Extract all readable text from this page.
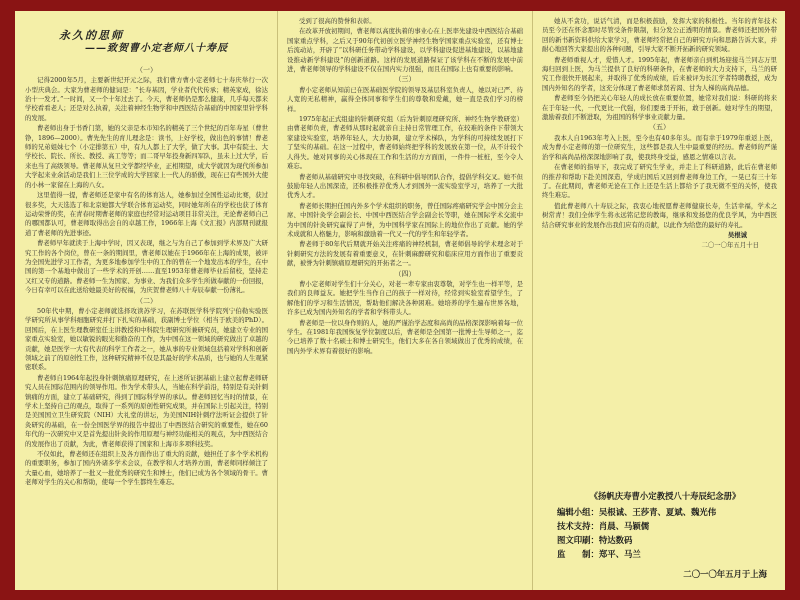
永久的思师
——致贺曹小定老师八十寿辰

（一）

记得2000年5月，主要新世纪开元之际，我们曹方曹小定老师七十寿庆举行一次小型庆典会。大家为曹老师的健词是：“长寿基因，学业者代代传承；精英家成，徐达治十一发才。”一时间，又一个十年过去了。今天，曹老师仍是那么健康，几乎每天都来学校看看老人；还是对么执着，关注着神经生物学和中西医结合基础的中国家里针学科的发展。

曹老师出身于书香门第，她的父亲是本市知名的精英了三个世纪的百年寿星（曹世铮，1896—2000）。曹先先生的育儿理念是：读书，上好学校，做出色的事情！曹老师的兄弟姐妹七个（小定排第五）中，有九人都上了大学，做了大事。其中有院士、大学校长、院长、所长、教授、高工等等；而二哥早年投身新四军队，虽未上过大学，后来也当了高级领导。曹老师从复旦文学都经毕业，正相期望，成大学就因为现代所参加大学起来业余活动是我们上三位学成的大学回家上一代人的骄傲，现在已有些国外大使的小林一家留在上海的八女。

这里值得一提，曹老师还是家中有名的体育达人，她参加过全国性运动比赛，获过很多奖，大天选选了和北京她都大学联合体育运动奖，同时她年所在的学校也获了体育运动荣誉的奖，在青春时期曹老师的家庭也经常对运动项目非常关注，无论曹老师自己的哪国都认可，曹老师取得出会自的卓越工作，1966年上海《文汇报》内部期刊就报道了曹老师的先进事迹。

曹老师早年就读于上海中学时，因又表现，继之与为自己了参加到学术界及广大研究工作的各个岗位，曾在一条的期间里，曹老师以她在于1966年在上海的成果，被评为全国先进学习工作者，为更多地参加学生中的工作的曾在一个地发出本的学生，在中国的第一个基地中做出了一些学术的开创……直至1953年曹老师毕业后留校，坚持走又红又专的道路。曹老师一生为国家、为事业、为我们众多学生所做奉献的一份回报，今日有幸可以在此送给她最美好的祝福，为庆贺曹老师八十寿辰奉献一份薄礼。

（二）

50年代中期，曹小定老师就选择攻读苏学习，在苏联医学科学院列宁伯勒实验医学研究所从事学科细胞研究并打下扎实的基础，获副博士学位（相当于欧美的PhD）。回国后，在上医生理教研室任主讲教授和中科院生理研究所兼研究员，她建立专业的国家重点实验室，她以敏锐的眼光和勤奋的工作，为中国在这一领域的研究做出了卓越的贡献，她是医学一大有代表的科学工作者之一，她从事的专业领域包括着对学科和创新领域之前了的原创性工作，这种研究精神不仅是其最好的学术品质，也与她的人生观紧密联系。

曹老师自1964年起投身针刺镇痛原理研究，在上述所证据基础上建立起曹老师研究人员在国际范围内的领导作用。作为学术带头人，当她在科学前沿，特别是有关针刺镇痛的方面，建立了基础研究，得到了国际科学界的承认。曹老师回忆当时的情景，在学术上坚持自己的观点，取得了一系列的原创性研究成果，并在国际上引起关注，特别是美国国立卫生研究院（NIH）大礼堂的讲坛，为美国NIH针刺疗法听证会提供了针灸研究的基础，在一份全国医学界的报告中提出了中西医结合研究的重要性，她在60年代的一次研究中又是首先提出针灸的作用原理与神经功能相关的观点，为中西医结合的发展作出了贡献，为此，曹老师获得了国家和上海市多项科技奖。

不仅如此，曹老师还在组织上及各方面作出了重大的贡献，她担任了多个学术机构的重要职务，参加了国内外诸多学术会议，在教学和人才培养方面，曹老师同样倾注了大量心血，她培养了一批又一批优秀的研究生和博士，他们已成为各个领域的骨干。曹老师对学生的关心和帮助，使每一个学生都终生难忘。

受到了很高的赞誉和表彰。

在改革开放初期间，曹老师以高度执着的事业心在上医率先建设中西医结合基础国家重点学科，之后又于90年代初创立医学神经生物学国家重点实验室，还有博士后流动站，开辟了“以科研任务带动学科建设，以学科建设促进基地建设，以基地建设推动新学科建设”的创新道路。这样的发展道路保证了该学科在不断的发展中前进，曹老师领导的学科建设不仅在国内实力很强，而且在国际上也有重要的影响。

（三）

曹小定老师从知前已在医基础医学院的领导及基层科室负责人，她以对已严、待人宽的无私精神，赢得全体同事和学生们的尊敬和爱戴，她一直是我们学习的榜样。

1975年起正式组建的针刺研究组（后为针刺原理研究所、神经生物学教研室）由曹老师负责，曹老师从那时起就亲自主持日常管理工作，在较难的条件下带领大家建设实验室，培养年轻人，大力协调，建立学术梯队，为学科的可持续发展打下了坚实的基础。在这一过程中，曹老师始终把学科的发展放在第一位，从不计较个人得失。她对同事的关心体现在工作和生活的方方面面，一件件一桩桩，至今令人难忘。

曹老师从基础研究中寻找突破，在科研中倡导团队合作，提倡学科交叉。她不但鼓励年轻人出国深造，还积极推荐优秀人才到国外一流实验室学习，培养了一大批优秀人才。

曹老师长期担任国内外多个学术组织的职务，曾任国际疼痛研究学会中国分会主席、中国针灸学会副会长、中国中西医结合学会副会长等职，她在国际学术交流中为中国的针灸研究赢得了声誉，为中国科学家在国际上的地位作出了贡献。她的学术成就和人格魅力，影响和激励着一代又一代的学生和年轻学者。

曹老师于80年代后期就开始关注疼痛的神经机制，曹老师倡导的学术理念对于针刺研究方法的发展有着重要意义，在针刺麻醉研究和临床应用方面作出了重要贡献，被誉为针刺镇痛原理研究的开拓者之一。

（四）

曹小定老师对学生们十分关心，对老一辈专家由衷尊敬，对学生也一样平等，是我们的良师益友。她把学生当作自己的孩子一样对待，经常到实验室看望学生，了解他们的学习和生活情况，帮助他们解决各种困难。她培养的学生遍布世界各地，许多已成为国内外知名的学者和学科带头人。

曹老师是一位以身作则的人，她的严谨治学态度和高尚的品格深深影响着每一位学生。在1981年我国恢复学位制度以后，曹老师是全国第一批博士生导师之一，迄今已培养了数十名硕士和博士研究生，他们大多在各自领域做出了优秀的成绩，在国内外学术界有着很好的影响。

她从不贪功，说话气清，而是积极鼓励，发挥大家的积极性。当年的青年技术员至今还在怀念那时尽管受条件限制，但分发公正透明的情景。曹老师还把国外带回的新书新资料供给大家学习，曹老师经常把自己的研究方向和思路告诉大家，并耐心地回答大家提出的各种问题，引导大家不断开拓新的研究领域。

曹老师重视人才，爱惜人才。1995年起，曹老师亲自到机场迎接马兰同志万里海归回到上医，为马兰提供了良好的科研条件，在曹老师的大力支持下，马兰的研究工作很快开展起来，并取得了优秀的成绩，后来被评为长江学者特聘教授，成为国内外知名的学者，这充分体现了曹老师求贤若渴、甘为人梯的高尚品德。

曹老师至今仍把关心年轻人的成长放在重要位置，她常对我们说：科研的将来在于年轻一代，一代更比一代强，你们要勇于开拓，敢于创新。她对学生的期望，激励着我们不断进取，为祖国的科学事业贡献力量。

（五）

我本人自1963年考入上医，至今也有40多年头。而有幸于1979年重返上医，成为曹小定老师的第一位研究生，这些都是我人生中最重要的经历。曹老师的严谨治学和高尚品格深深地影响了我，使我终身受益，感恩之情难以言表。

在曹老师的指导下，我完成了研究生学业，并走上了科研道路，此后在曹老师的推荐和帮助下赴美国深造，学成归国后又回到曹老师身边工作，一晃已有三十年了。在此期间，曹老师无论在工作上还是生活上都给予了我无微不至的关怀，使我终生难忘。

值此曹老师八十寿辰之际，我衷心地祝愿曹老师健康长寿，生活幸福，学术之树常青！我们全体学生将永远铭记您的教诲，继承和发扬您的优良学风，为中西医结合研究事业的发展作出我们应有的贡献，以此作为给您的最好的寿礼。

吴根诚

二〇一〇年五月十日

《扬帆庆寿曹小定教授八十寿辰纪念册》
编辑小组：吴根诚、王莎青、夏斌、魏光伟
技术支持：肖晨、马颖儒
图文印刷：特达数码
监　　制：郑平、马兰
二〇一〇年五月于上海
